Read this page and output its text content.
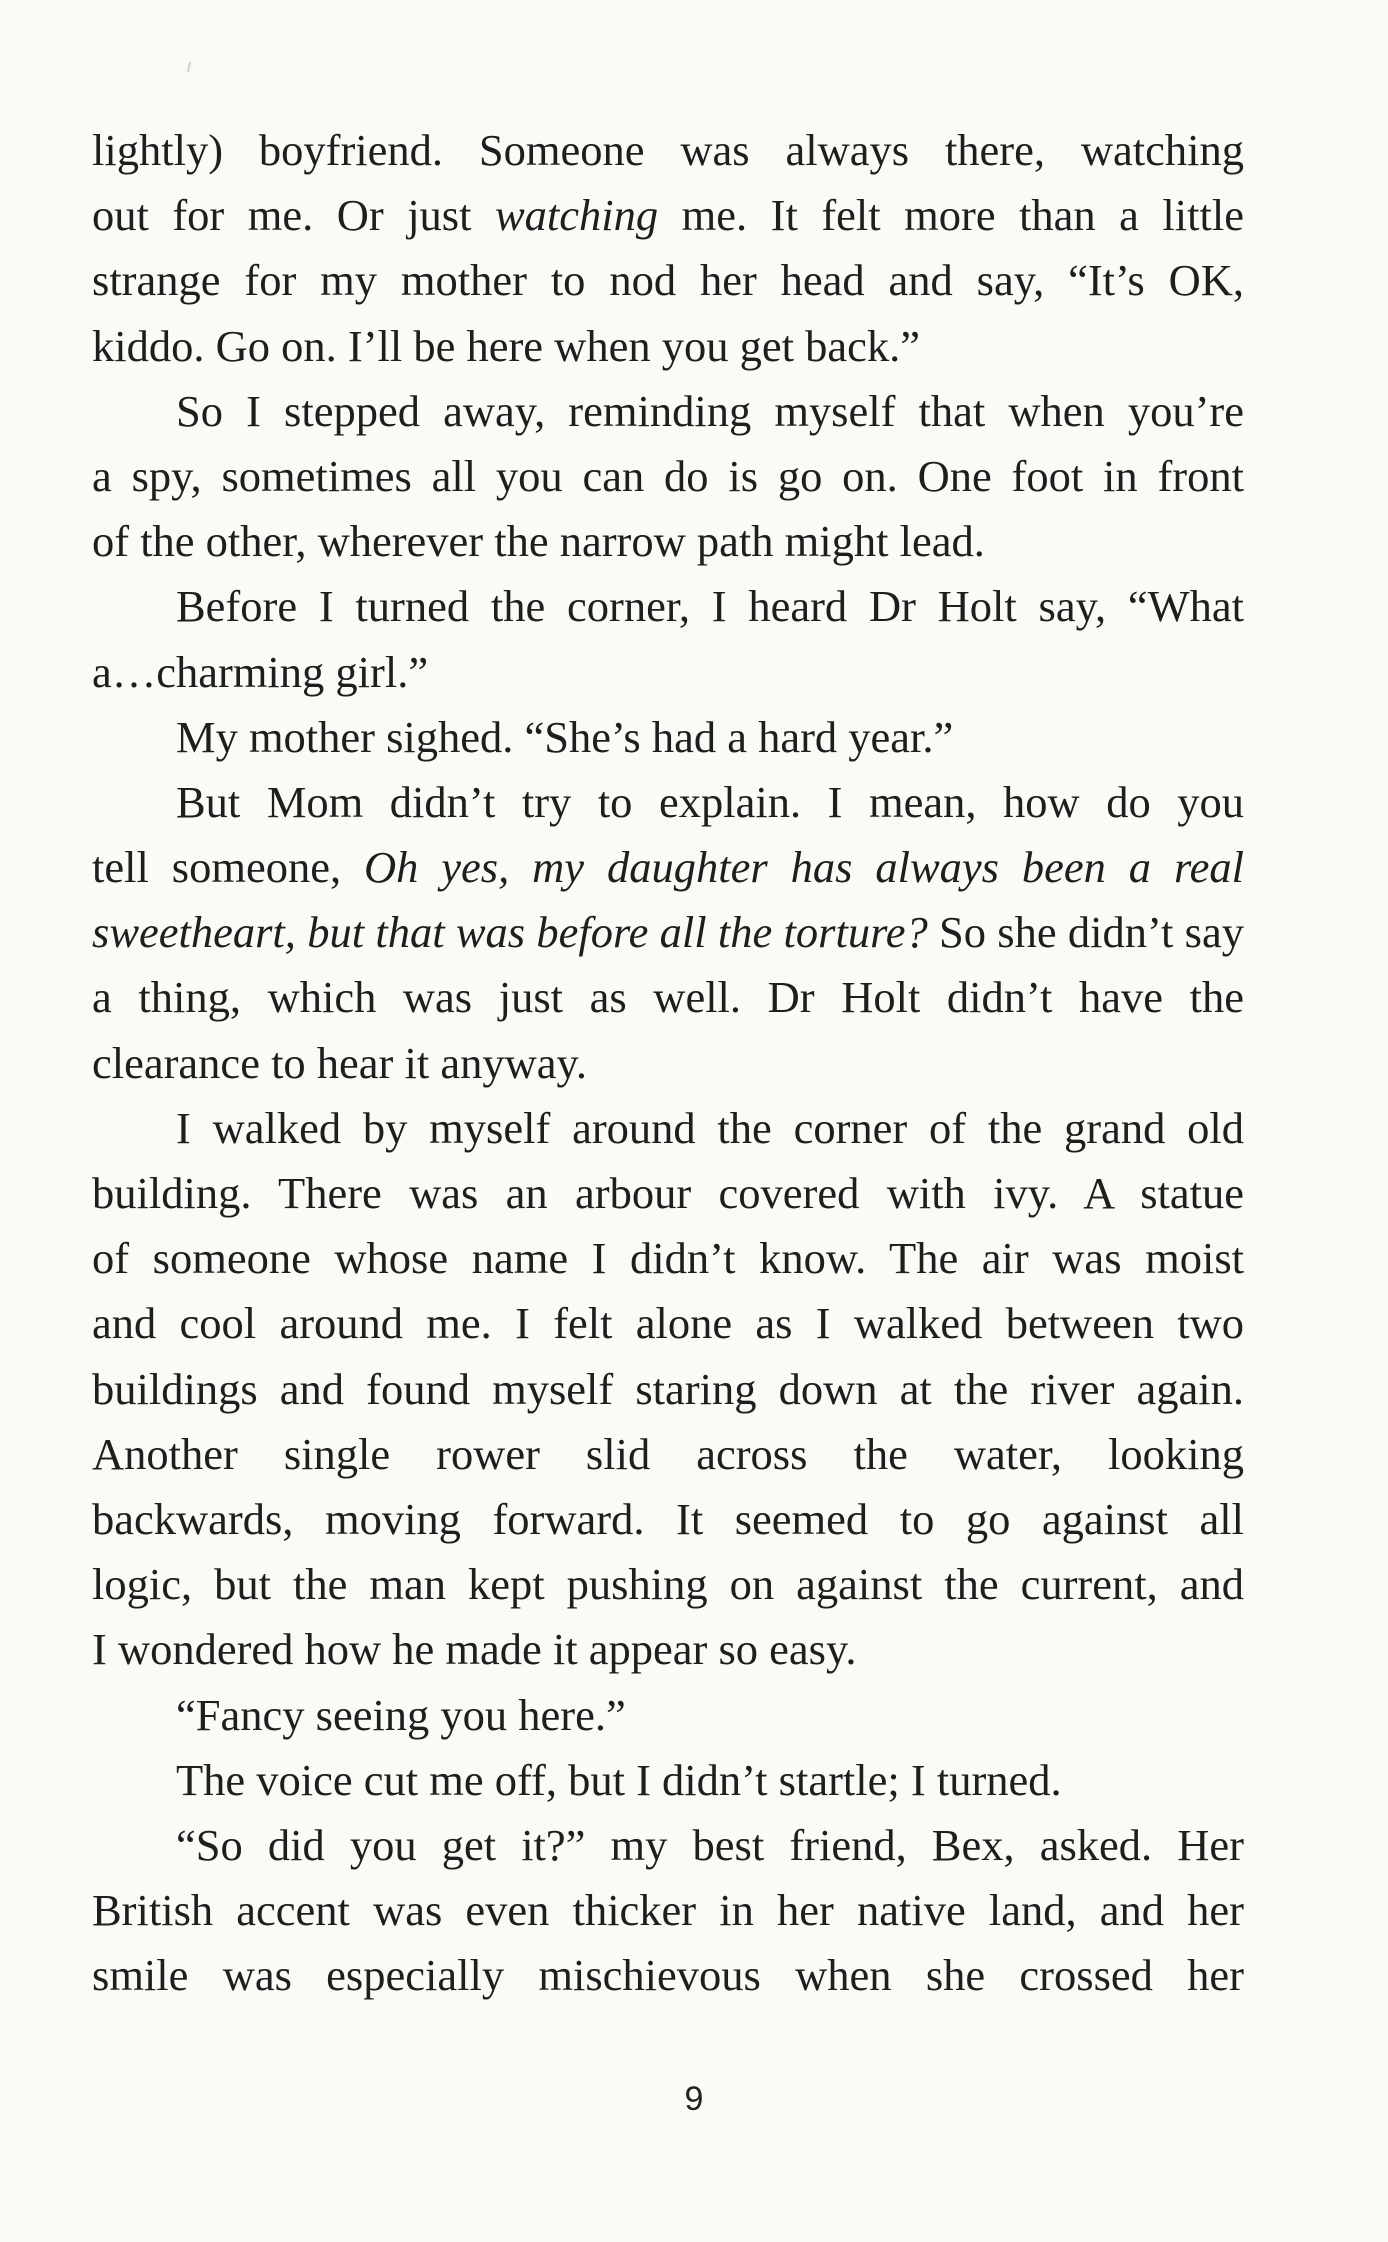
lightly) boyfriend. Someone was always there, watching
out for me. Or just watching me. It felt more than a little
strange for my mother to nod her head and say, “It’s OK,
kiddo. Go on. I’ll be here when you get back.”
So I stepped away, reminding myself that when you’re
a spy, sometimes all you can do is go on. One foot in front
of the other, wherever the narrow path might lead.
Before I turned the corner, I heard Dr Holt say, “What
a…charming girl.”
My mother sighed. “She’s had a hard year.”
But Mom didn’t try to explain. I mean, how do you
tell someone, Oh yes, my daughter has always been a real
sweetheart, but that was before all the torture? So she didn’t say
a thing, which was just as well. Dr Holt didn’t have the
clearance to hear it anyway.
I walked by myself around the corner of the grand old
building. There was an arbour covered with ivy. A statue
of someone whose name I didn’t know. The air was moist
and cool around me. I felt alone as I walked between two
buildings and found myself staring down at the river again.
Another single rower slid across the water, looking
backwards, moving forward. It seemed to go against all
logic, but the man kept pushing on against the current, and
I wondered how he made it appear so easy.
“Fancy seeing you here.”
The voice cut me off, but I didn’t startle; I turned.
“So did you get it?” my best friend, Bex, asked. Her
British accent was even thicker in her native land, and her
smile was especially mischievous when she crossed her
9
